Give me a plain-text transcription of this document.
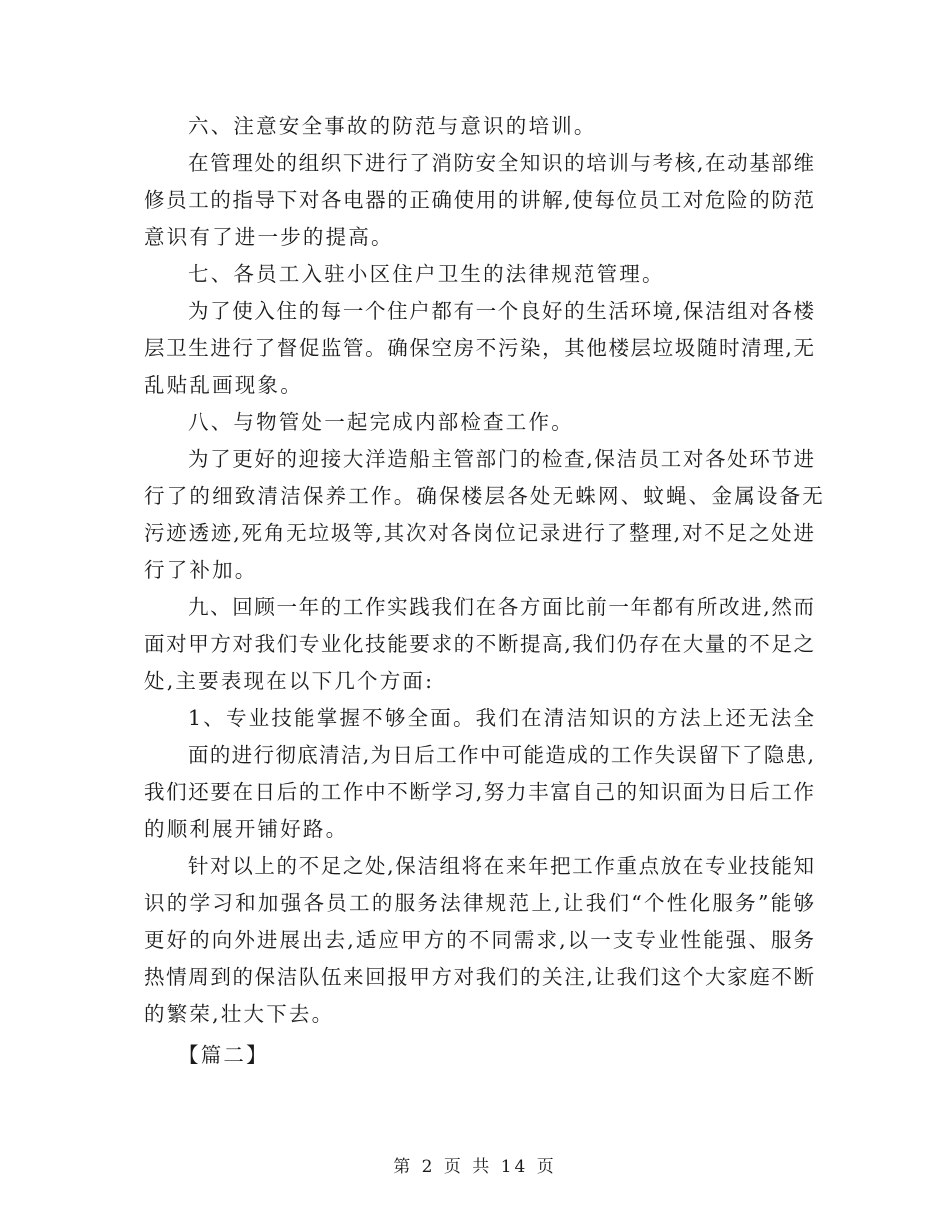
六、注意安全事故的防范与意识的培训。
在管理处的组织下进行了消防安全知识的培训与考核,在动基部维
修员工的指导下对各电器的正确使用的讲解,使每位员工对危险的防范
意识有了进一步的提高。
七、各员工入驻小区住户卫生的法律规范管理。
为了使入住的每一个住户都有一个良好的生活环境,保洁组对各楼
层卫生进行了督促监管。确保空房不污染，其他楼层垃圾随时清理,无
乱贴乱画现象。
八、与物管处一起完成内部检查工作。
为了更好的迎接大洋造船主管部门的检查,保洁员工对各处环节进
行了的细致清洁保养工作。确保楼层各处无蛛网、蚊蝇、金属设备无
污迹透迹,死角无垃圾等,其次对各岗位记录进行了整理,对不足之处进
行了补加。
九、回顾一年的工作实践我们在各方面比前一年都有所改进,然而
面对甲方对我们专业化技能要求的不断提高,我们仍存在大量的不足之
处,主要表现在以下几个方面:
1、专业技能掌握不够全面。我们在清洁知识的方法上还无法全
面的进行彻底清洁,为日后工作中可能造成的工作失误留下了隐患,
我们还要在日后的工作中不断学习,努力丰富自己的知识面为日后工作
的顺利展开铺好路。
针对以上的不足之处,保洁组将在来年把工作重点放在专业技能知
识的学习和加强各员工的服务法律规范上,让我们“个性化服务”能够
更好的向外进展出去,适应甲方的不同需求,以一支专业性能强、服务
热情周到的保洁队伍来回报甲方对我们的关注,让我们这个大家庭不断
的繁荣,壮大下去。
【篇二】
第 2 页 共 14 页
